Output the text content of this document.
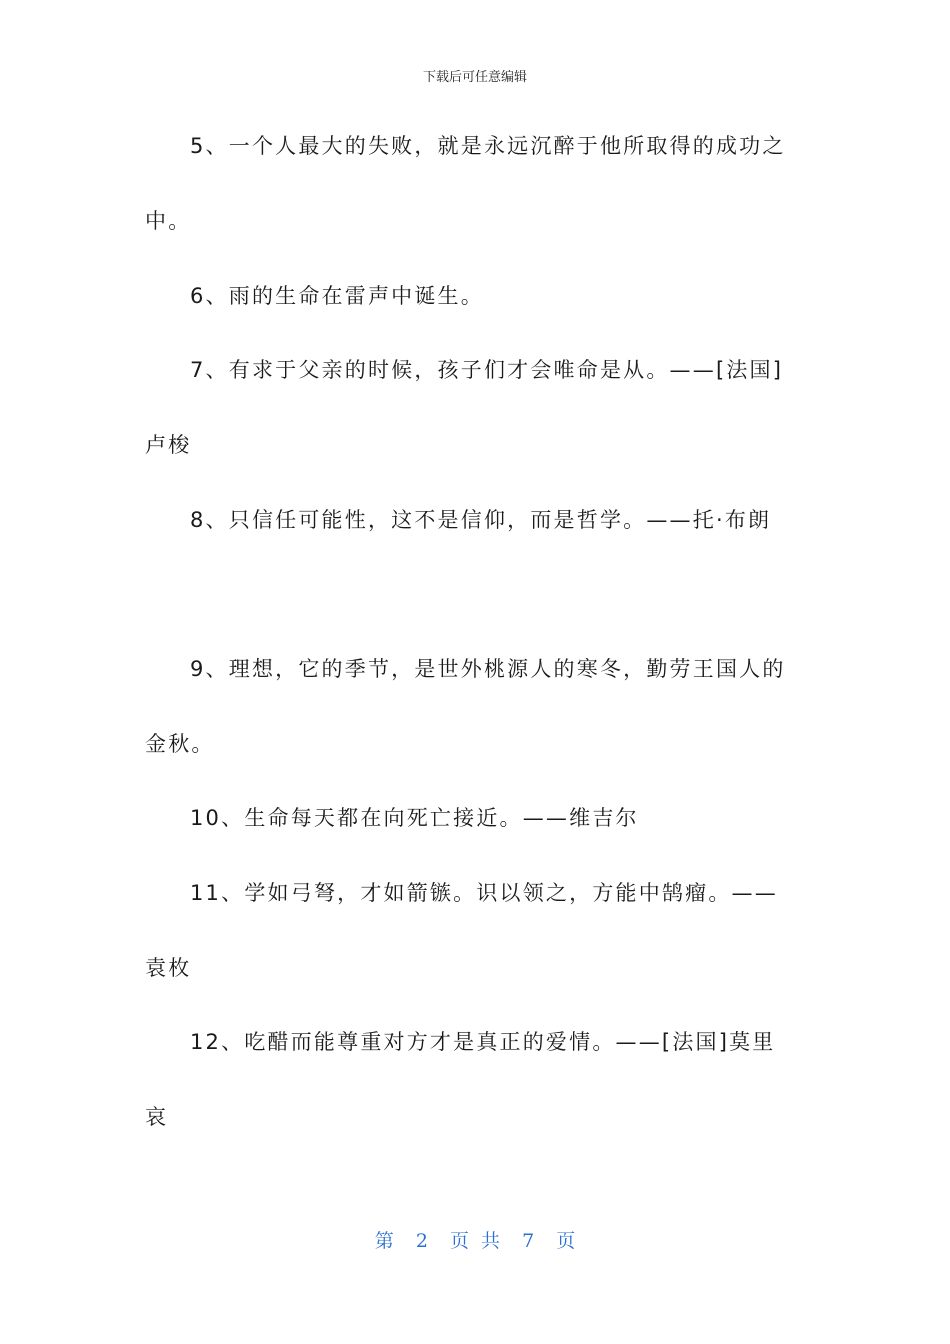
下载后可任意编辑
5、一个人最大的失败，就是永远沉醉于他所取得的成功之
中。
6、雨的生命在雷声中诞生。
7、有求于父亲的时候，孩子们才会唯命是从。——[法国]
卢梭
8、只信任可能性，这不是信仰，而是哲学。——托·布朗
9、理想，它的季节，是世外桃源人的寒冬，勤劳王国人的
金秋。
10、生命每天都在向死亡接近。——维吉尔
11、学如弓弩，才如箭镞。识以领之，方能中鹄瘤。——
袁枚
12、吃醋而能尊重对方才是真正的爱情。——[法国]莫里
哀
第 2 页 共 7 页
